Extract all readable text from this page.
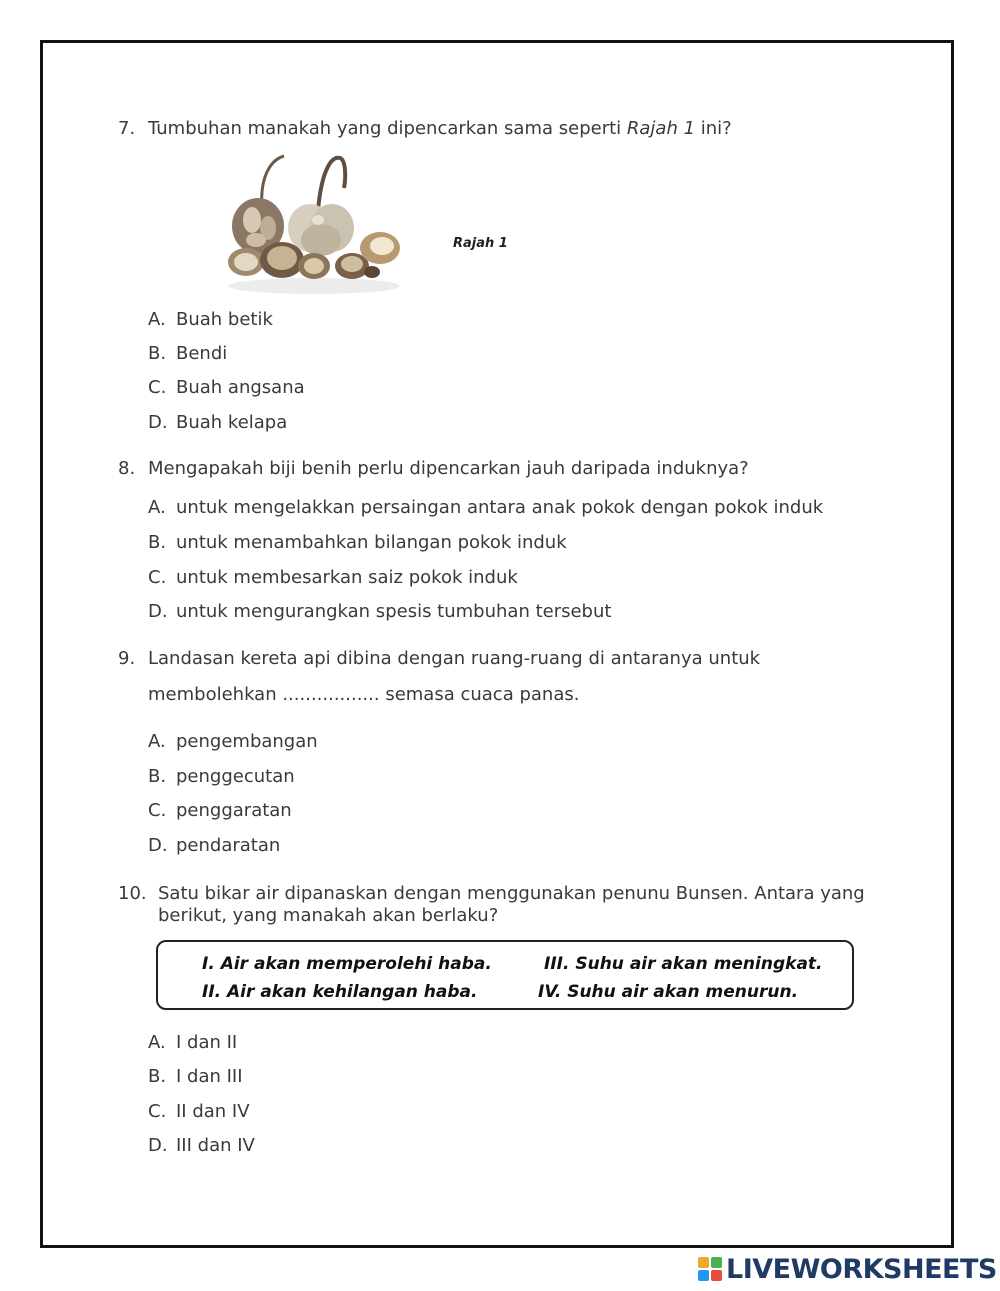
7. Tumbuhan manakah yang dipencarkan sama seperti Rajah 1 ini?
Rajah 1
A. Buah betik
B. Bendi
C. Buah angsana
D. Buah kelapa
8. Mengapakah biji benih perlu dipencarkan jauh daripada induknya?
A. untuk mengelakkan persaingan antara anak pokok dengan pokok induk
B. untuk menambahkan bilangan pokok induk
C. untuk membesarkan saiz pokok induk
D. untuk mengurangkan spesis tumbuhan tersebut
9. Landasan kereta api dibina dengan ruang-ruang di antaranya untuk
membolehkan ................. semasa cuaca panas.
A. pengembangan
B. penggecutan
C. penggaratan
D. pendaratan
10. Satu bikar air dipanaskan dengan menggunakan penunu Bunsen. Antara yang
berikut, yang manakah akan berlaku?
I. Air akan memperolehi haba.
II. Air akan kehilangan haba.
III. Suhu air akan meningkat.
IV. Suhu air akan menurun.
A. I dan II
B. I dan III
C. II dan IV
D. III dan IV
LIVEWORKSHEETS
